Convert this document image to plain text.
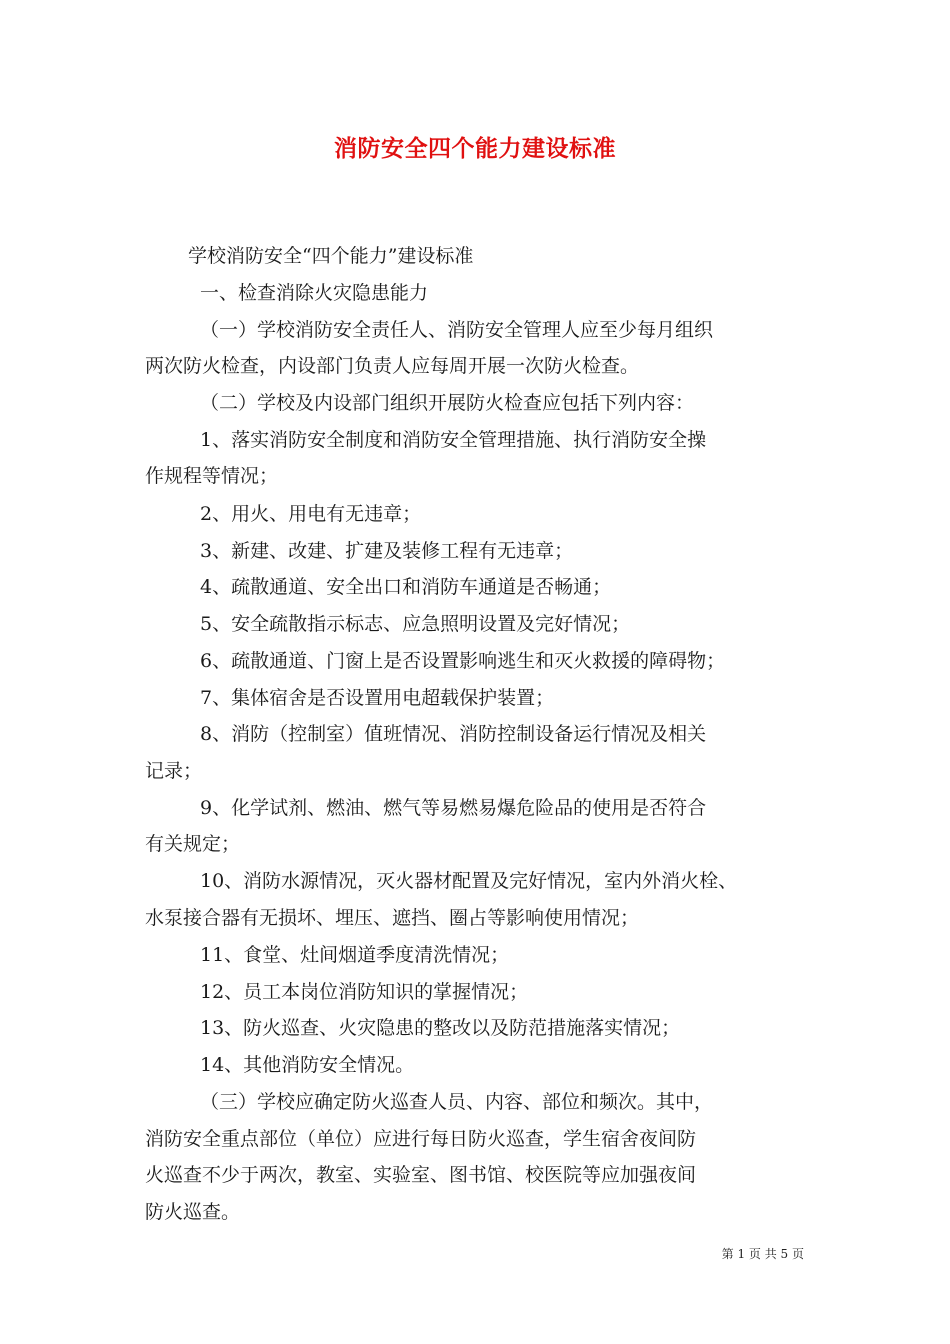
消防安全四个能力建设标准
学校消防安全“四个能力”建设标准
一、检查消除火灾隐患能力
（一）学校消防安全责任人、消防安全管理人应至少每月组织
两次防火检查，内设部门负责人应每周开展一次防火检查。
（二）学校及内设部门组织开展防火检查应包括下列内容：
1、落实消防安全制度和消防安全管理措施、执行消防安全操
作规程等情况；
2、用火、用电有无违章；
3、新建、改建、扩建及装修工程有无违章；
4、疏散通道、安全出口和消防车通道是否畅通；
5、安全疏散指示标志、应急照明设置及完好情况；
6、疏散通道、门窗上是否设置影响逃生和灭火救援的障碍物；
7、集体宿舍是否设置用电超载保护装置；
8、消防（控制室）值班情况、消防控制设备运行情况及相关
记录；
9、化学试剂、燃油、燃气等易燃易爆危险品的使用是否符合
有关规定；
10、消防水源情况，灭火器材配置及完好情况，室内外消火栓、
水泵接合器有无损坏、埋压、遮挡、圈占等影响使用情况；
11、食堂、灶间烟道季度清洗情况；
12、员工本岗位消防知识的掌握情况；
13、防火巡查、火灾隐患的整改以及防范措施落实情况；
14、其他消防安全情况。
（三）学校应确定防火巡查人员、内容、部位和频次。其中，
消防安全重点部位（单位）应进行每日防火巡查，学生宿舍夜间防
火巡查不少于两次，教室、实验室、图书馆、校医院等应加强夜间
防火巡查。
第 1 页 共 5 页
